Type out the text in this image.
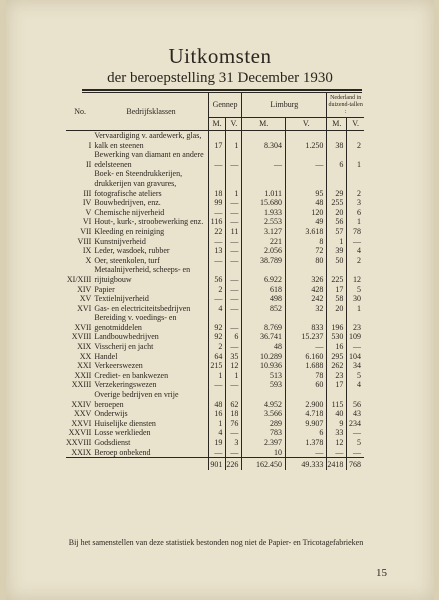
Uitkomsten
der beroepstelling 31 December 1930
No.	Bedrijfsklassen	Gennep		Limburg		Nederland in duizend-tallen :	
		M.	V.	M.	V.	M.	V.
I	Vervaardiging v. aardewerk, glas, kalk en steenen	17	1	8.304	1.250	38	2
II	Bewerking van diamant en andere edelsteenen	—	—	—	—	6	1
III	Boek- en Steendrukkerijen, drukkerijen van gravures, fotografische ateliers	18	1	1.011	95	29	2
IV	Bouwbedrijven, enz.	99	—	15.680	48	255	3
V	Chemische nijverheid	—	—	1.933	120	20	6
VI	Hout-, kurk-, stroobewerking enz.	116	—	2.553	49	56	1
VII	Kleeding en reiniging	22	11	3.127	3.618	57	78
VIII	Kunstnijverheid	—	—	221	8	1	—
IX	Leder, wasdoek, rubber	13	—	2.056	72	39	4
X	Oer, steenkolen, turf	—	—	38.789	80	50	2
XI/XIII	Metaalnijverheid, scheeps- en rijtuigbouw	56	—	6.922	326	225	12
XIV	Papier	2	—	618	428	17	5
XV	Textielnijverheid	—	—	498	242	58	30
XVI	Gas- en electriciteitsbedrijven	4	—	852	32	20	1
XVII	Bereiding v. voedings- en genotmiddelen	92	—	8.769	833	196	23
XVIII	Landbouwbedrijven	92	6	36.741	15.237	530	109
XIX	Visscherij en jacht	2	—	48	—	16	—
XX	Handel	64	35	10.289	6.160	295	104
XXI	Verkeerswezen	215	12	10.936	1.688	262	34
XXII	Crediet- en bankwezen	1	1	513	78	23	5
XXIII	Verzekeringswezen	—	—	593	60	17	4
XXIV	Overige bedrijven en vrije beroepen	48	62	4.952	2.900	115	56
XXV	Onderwijs	16	18	3.566	4.718	40	43
XXVI	Huiselijke diensten	1	76	289	9.907	9	234
XXVII	Losse werklieden	4	—	783	6	33	—
XXVIII	Godsdienst	19	3	2.397	1.378	12	5
XXIX	Beroep onbekend	—	—	10	—	—	—
		901	226	162.450	49.333	2418	768
Bij het samenstellen van deze statistiek bestonden nog niet de Papier- en Tricotagefabrieken
15
